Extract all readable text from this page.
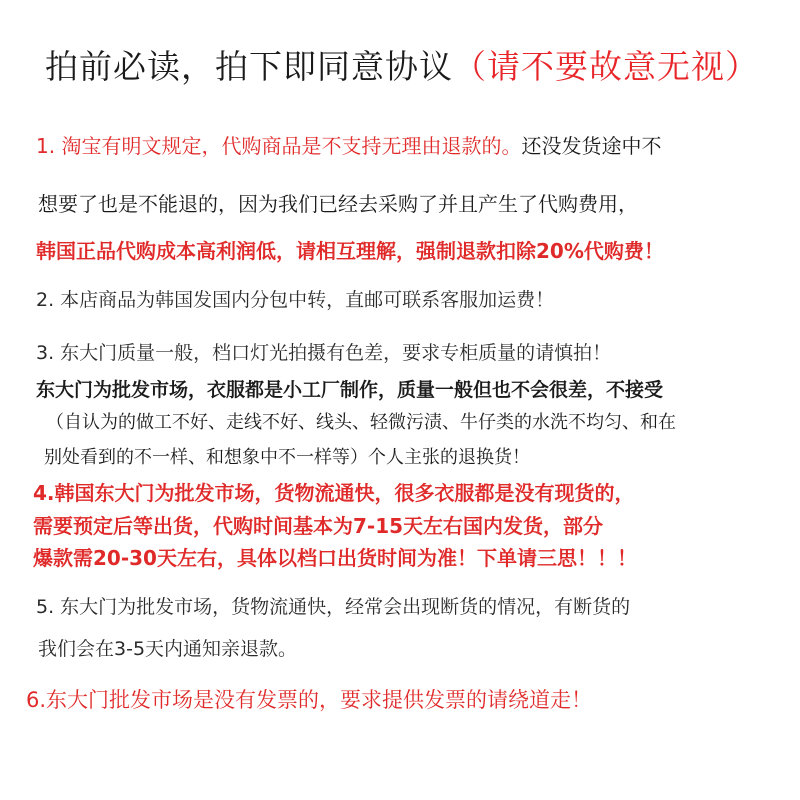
拍前必读，拍下即同意协议（请不要故意无视）
1. 淘宝有明文规定，代购商品是不支持无理由退款的。还没发货途中不
想要了也是不能退的，因为我们已经去采购了并且产生了代购费用，
韩国正品代购成本高利润低，请相互理解，强制退款扣除20%代购费！
2. 本店商品为韩国发国内分包中转，直邮可联系客服加运费！
3. 东大门质量一般，档口灯光拍摄有色差，要求专柜质量的请慎拍！
东大门为批发市场，衣服都是小工厂制作，质量一般但也不会很差，不接受
（自认为的做工不好、走线不好、线头、轻微污渍、牛仔类的水洗不均匀、和在
别处看到的不一样、和想象中不一样等）个人主张的退换货！
4.韩国东大门为批发市场，货物流通快，很多衣服都是没有现货的，
需要预定后等出货，代购时间基本为7-15天左右国内发货，部分
爆款需20-30天左右，具体以档口出货时间为准！下单请三思！！！
5. 东大门为批发市场，货物流通快，经常会出现断货的情况，有断货的
我们会在3-5天内通知亲退款。
6.东大门批发市场是没有发票的，要求提供发票的请绕道走！
